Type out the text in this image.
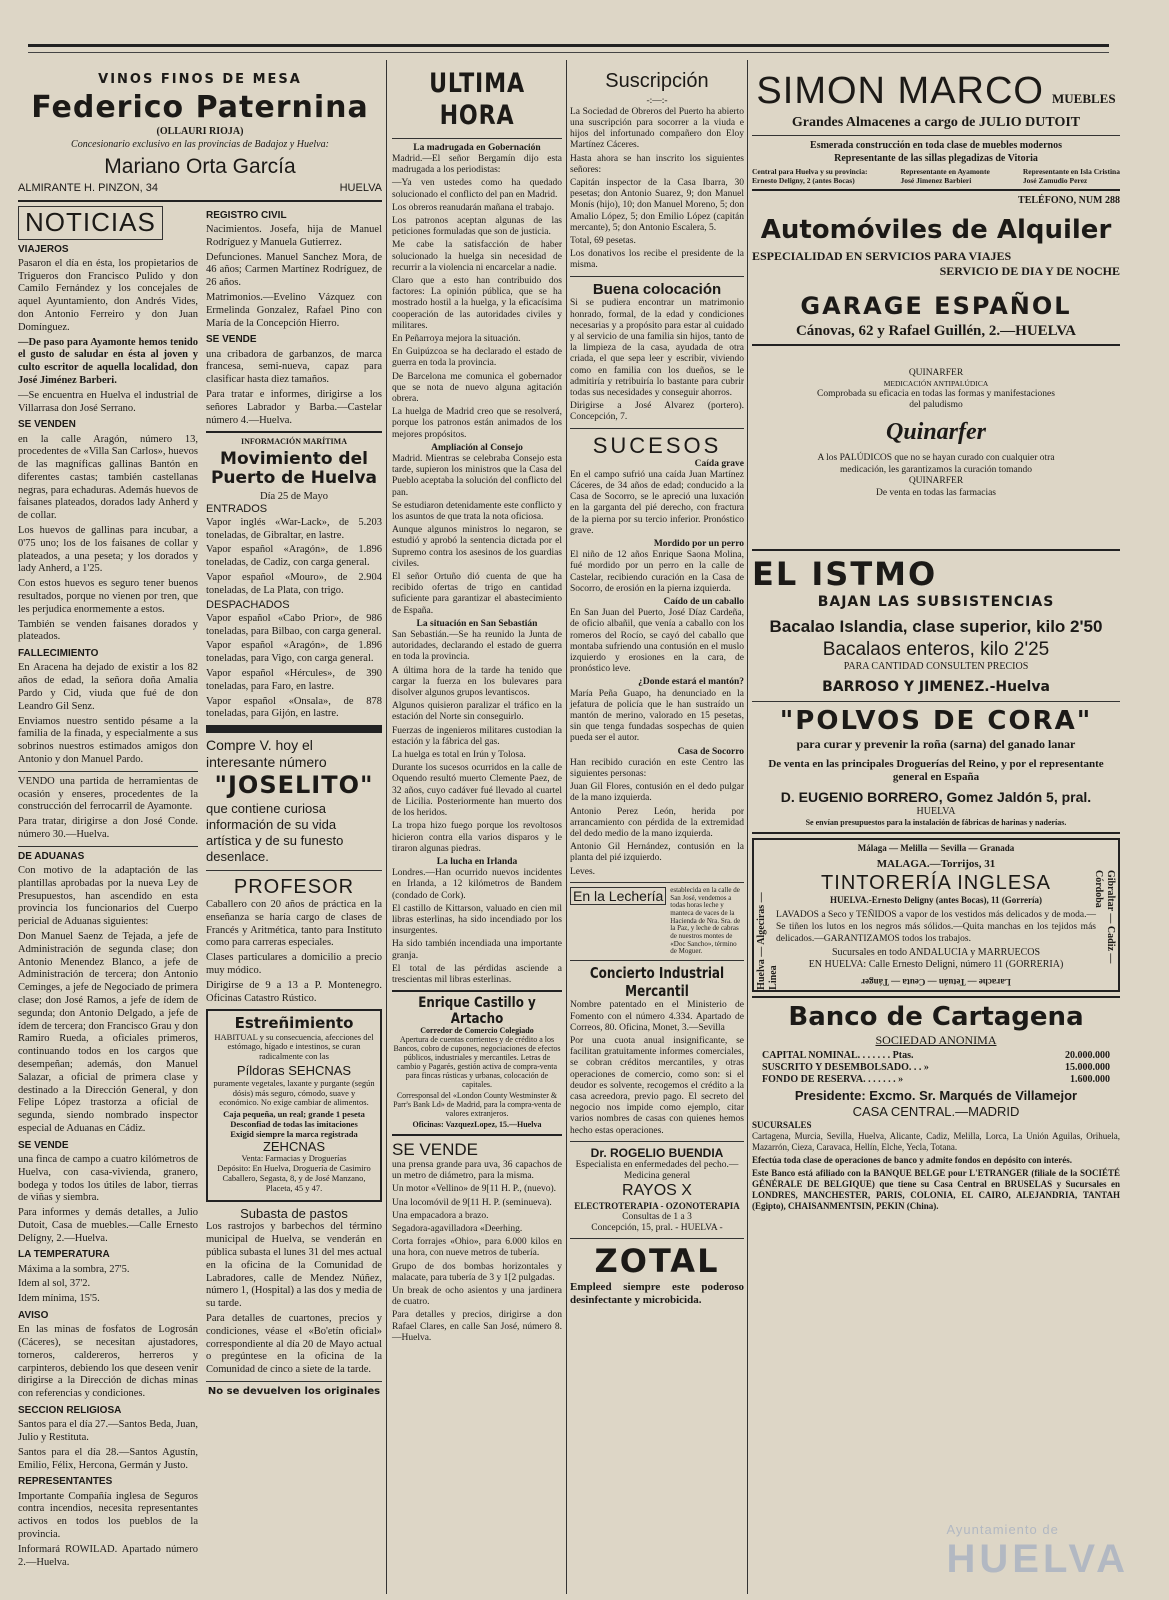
VINOS FINOS DE MESA
Federico Paternina
(OLLAURI RIOJA)
Concesionario exclusivo en las provincias de Badajoz y Huelva:
Mariano Orta García
ALMIRANTE H. PINZON, 34	HUELVA
NOTICIAS
VIAJEROS

Pasaron el día en ésta, los propietarios de Trigueros don Francisco Pulido y don Camilo Fernández y los concejales de aquel Ayuntamiento, don Andrés Vides, don Antonio Ferreiro y don Juan Domínguez.

—De paso para Ayamonte hemos tenido el gusto de saludar en ésta al joven y culto escritor de aquella localidad, don José Jiménez Barberi.

—Se encuentra en Huelva el industrial de Villarrasa don José Serrano.

SE VENDEN

en la calle Aragón, número 13, procedentes de «Villa San Carlos», huevos de las magníficas gallinas Bantón en diferentes castas; también castellanas negras, para echaduras. Además huevos de faisanes plateados, dorados lady Anherd y de collar.

Los huevos de gallinas para incubar, a 0'75 uno; los de los faisanes de collar y plateados, a una peseta; y los dorados y lady Anherd, a 1'25.

Con estos huevos es seguro tener buenos resultados, porque no vienen por tren, que les perjudica enormemente a estos.

También se venden faisanes dorados y plateados.

FALLECIMIENTO

En Aracena ha dejado de existir a los 82 años de edad, la señora doña Amalia Pardo y Cid, viuda que fué de don Leandro Gil Senz.

Enviamos nuestro sentido pésame a la familia de la finada, y especialmente a sus sobrinos nuestros estimados amigos don Antonio y don Manuel Pardo.

VENDO una partida de herramientas de ocasión y enseres, procedentes de la construcción del ferrocarril de Ayamonte.

Para tratar, dirigirse a don José Conde. número 30.—Huelva.

DE ADUANAS

Con motivo de la adaptación de las plantillas aprobadas por la nueva Ley de Presupuestos, han ascendido en esta provincia los funcionarios del Cuerpo pericial de Aduanas siguientes:

Don Manuel Saenz de Tejada, a jefe de Administración de segunda clase; don Antonio Menendez Blanco, a jefe de Administración de tercera; don Antonio Ceminges, a jefe de Negociado de primera clase; don José Ramos, a jefe de ídem de segunda; don Antonio Delgado, a jefe de ídem de tercera; don Francisco Grau y don Ramiro Rueda, a oficiales primeros, continuando todos en los cargos que desempeñan; además, don Manuel Salazar, a oficial de primera clase y destinado a la Dirección General, y don Felipe López trastorza a oficial de segunda, siendo nombrado inspector especial de Aduanas en Cádiz.

SE VENDE

una finca de campo a cuatro kilómetros de Huelva, con casa-vivienda, granero, bodega y todos los útiles de labor, tierras de viñas y siembra.

Para informes y demás detalles, a Julio Dutoit, Casa de muebles.—Calle Ernesto Delígny, 2.—Huelva.

LA TEMPERATURA

Máxima a la sombra, 27'5.

Idem al sol, 37'2.

Idem mínima, 15'5.

AVISO

En las minas de fosfatos de Logrosán (Cáceres), se necesitan ajustadores, torneros, caldereros, herreros y carpinteros, debiendo los que deseen venir dirigirse a la Dirección de dichas minas con referencias y condiciones.

SECCION RELIGIOSA

Santos para el día 27.—Santos Beda, Juan, Julio y Restituta.

Santos para el día 28.—Santos Agustín, Emilio, Félix, Hercona, Germán y Justo.

REPRESENTANTES

Importante Compañía inglesa de Seguros contra incendios, necesita representantes activos en todos los pueblos de la provincia.

Informará ROWILAD. Apartado número 2.—Huelva.

REGISTRO CIVIL

Nacimientos. Josefa, hija de Manuel Rodríguez y Manuela Gutierrez.

Defunciones. Manuel Sanchez Mora, de 46 años; Carmen Martínez Rodríguez, de 26 años.

Matrimonios.—Evelino Vázquez con Ermelinda Gonzalez, Rafael Pino con María de la Concepción Hierro.

SE VENDE

una cribadora de garbanzos, de marca francesa, semi-nueva, capaz para clasificar hasta diez tamaños.

Para tratar e informes, dirigirse a los señores Labrador y Barba.—Castelar número 4.—Huelva.

INFORMACIÓN MARÍTIMA
Movimiento del Puerto de Huelva
Día 25 de Mayo
ENTRADOS

Vapor inglés «War-Lack», de 5.203 toneladas, de Gibraltar, en lastre.

Vapor español «Aragón», de 1.896 toneladas, de Cadiz, con carga general.

Vapor español «Mouro», de 2.904 toneladas, de La Plata, con trigo.

DESPACHADOS

Vapor español «Cabo Prior», de 986 toneladas, para Bilbao, con carga general.

Vapor español «Aragón», de 1.896 toneladas, para Vigo, con carga general.

Vapor español «Hércules», de 390 toneladas, para Faro, en lastre.

Vapor español «Onsala», de 878 toneladas, para Gijón, en lastre.

Compre V. hoy el interesante número
"JOSELITO"
que contiene curiosa información de su vida artística y de su funesto desenlace.
PROFESOR

Caballero con 20 años de práctica en la enseñanza se haría cargo de clases de Francés y Aritmética, tanto para Instituto como para carreras especiales.

Clases particulares a domicilio a precio muy módico.

Dirigirse de 9 a 13 a P. Montenegro. Oficinas Catastro Rústico.

Estreñimiento

HABITUAL y su consecuencia, afecciones del estómago, hígado e intestinos, se curan radicalmente con las

Píldoras SEHCNAS

puramente vegetales, laxante y purgante (según dósis) más seguro, cómodo, suave y económico. No exige cambiar de alimentos.

Caja pequeña, un real; grande 1 peseta
Desconfiad de todas las imitaciones
Exigid siempre la marca registrada
ZEHCNAS
Venta: Farmacias y Droguerías

Depósito: En Huelva, Droguería de Casimiro Caballero, Segasta, 8, y de José Manzano, Placeta, 45 y 47.

Subasta de pastos

Los rastrojos y barbechos del término municipal de Huelva, se venderán en pública subasta el lunes 31 del mes actual en la oficina de la Comunidad de Labradores, calle de Mendez Núñez, número 1, (Hospital) a las dos y media de su tarde.

Para detalles de cuartones, precios y condiciones, véase el «Bo'etín oficial» correspondiente al día 20 de Mayo actual o pregúntese en la oficina de la Comunidad de cinco a siete de la tarde.

No se devuelven los originales
ULTIMA HORA
La madrugada en Gobernación

Madrid.—El señor Bergamín dijo esta madrugada a los periodistas:

—Ya ven ustedes como ha quedado solucionado el conflicto del pan en Madrid.

Los obreros reanudarán mañana el trabajo.

Los patronos aceptan algunas de las peticiones formuladas que son de justicia.

Me cabe la satisfacción de haber solucionado la huelga sin necesidad de recurrir a la violencia ni encarcelar a nadie.

Claro que a esto han contribuido dos factores: La opinión pública, que se ha mostrado hostil a la huelga, y la eficacísima cooperación de las autoridades civiles y militares.

En Peñarroya mejora la situación.

En Guipúzcoa se ha declarado el estado de guerra en toda la provincia.

De Barcelona me comunica el gobernador que se nota de nuevo alguna agitación obrera.

La huelga de Madrid creo que se resolverá, porque los patronos están animados de los mejores propósitos.

Ampliación al Consejo

Madrid. Mientras se celebraba Consejo esta tarde, supieron los ministros que la Casa del Pueblo aceptaba la solución del conflicto del pan.

Se estudiaron detenidamente este conflicto y los asuntos de que trata la nota oficiosa.

Aunque algunos ministros lo negaron, se estudió y aprobó la sentencia dictada por el Supremo contra los asesinos de los guardias civiles.

El señor Ortuño dió cuenta de que ha recibido ofertas de trigo en cantidad suficiente para garantizar el abastecimiento de España.

La situación en San Sebastián

San Sebastián.—Se ha reunido la Junta de autoridades, declarando el estado de guerra en toda la provincia.

A última hora de la tarde ha tenido que cargar la fuerza en los bulevares para disolver algunos grupos levantiscos.

Algunos quisieron paralizar el tráfico en la estación del Norte sin conseguirlo.

Fuerzas de ingenieros militares custodian la estación y la fábrica del gas.

La huelga es total en Irún y Tolosa.

Durante los sucesos ocurridos en la calle de Oquendo resultó muerto Clemente Paez, de 32 años, cuyo cadáver fué llevado al cuartel de Licilia. Posteriormente han muerto dos de los heridos.

La tropa hizo fuego porque los revoltosos hicieron contra ella varios disparos y le tiraron algunas piedras.

La lucha en Irlanda

Londres.—Han ocurrido nuevos incidentes en Irlanda, a 12 kilómetros de Bandem (condado de Cork).

El castillo de Kittarson, valuado en cien mil libras esterlinas, ha sido incendiado por los insurgentes.

Ha sido también incendiada una importante granja.

El total de las pérdidas asciende a trescientas mil libras esterlinas.

Enrique Castillo y Artacho
Corredor de Comercio Colegiado

Apertura de cuentas corrientes y de crédito a los Bancos, cobro de cupones, negociaciones de efectos públicos, industriales y mercantiles. Letras de cambio y Pagarés, gestión activa de compra-venta para fincas rústicas y urbanas, colocación de capitales.

Corresponsal del «London County Westminster & Parr's Bank Ld» de Madrid, para la compra-venta de valores extranjeros.

Oficinas: VazquezLopez, 15.—Huelva
SE VENDE

una prensa grande para uva, 36 capachos de un metro de diámetro, para la misma.

Un motor «Vellino» de 9[11 H. P., (nuevo).

Una locomóvil de 9[11 H. P. (seminueva).

Una empacadora a brazo.

Segadora-agavilladora «Deerhing.

Corta forrajes «Ohio», para 6.000 kilos en una hora, con nueve metros de tubería.

Grupo de dos bombas horizontales y malacate, para tubería de 3 y 1[2 pulgadas.

Un break de ocho asientos y una jardinera de cuatro.

Para detalles y precios, dirigirse a don Rafael Clares, en calle San José, número 8.—Huelva.

Suscripción
-:—:-

La Sociedad de Obreros del Puerto ha abierto una suscripción para socorrer a la viuda e hijos del infortunado compañero don Eloy Martínez Cáceres.

Hasta ahora se han inscrito los siguientes señores:

Capitán inspector de la Casa Ibarra, 30 pesetas; don Antonio Suarez, 9; don Manuel Monís (hijo), 10; don Manuel Moreno, 5; don Amalio López, 5; don Emilio López (capitán mercante), 5; don Antonio Escalera, 5.

Total, 69 pesetas.

Los donativos los recibe el presidente de la misma.

Buena colocación

Si se pudiera encontrar un matrimonio honrado, formal, de la edad y condiciones necesarias y a propósito para estar al cuidado y al servicio de una familia sin hijos, tanto de la limpieza de la casa, ayudada de otra criada, el que sepa leer y escribir, viviendo como en familia con los dueños, se le admitiría y retribuiría lo bastante para cubrir todas sus necesidades y conseguir ahorros.

Dirigirse a José Alvarez (portero). Concepción, 7.

SUCESOS
Caída grave

En el campo sufrió una caída Juan Martínez Cáceres, de 34 años de edad; conducido a la Casa de Socorro, se le apreció una luxación en la garganta del pié derecho, con fractura de la pierna por su tercio inferior. Pronóstico grave.

Mordido por un perro

El niño de 12 años Enrique Saona Molina, fué mordido por un perro en la calle de Castelar, recibiendo curación en la Casa de Socorro, de erosión en la pierna izquierda.

Caído de un caballo

En San Juan del Puerto, José Díaz Cardeña, de oficio albañil, que venía a caballo con los romeros del Rocío, se cayó del caballo que montaba sufriendo una contusión en el muslo izquierdo y erosiones en la cara, de pronóstico leve.

¿Donde estará el mantón?

María Peña Guapo, ha denunciado en la jefatura de policía que le han sustraído un mantón de merino, valorado en 15 pesetas, sin que tenga fundadas sospechas de quien pueda ser el autor.

Casa de Socorro

Han recibido curación en este Centro las siguientes personas:

Juan Gil Flores, contusión en el dedo pulgar de la mano izquierda.

Antonio Perez León, herida por arrancamiento con pérdida de la extremidad del dedo medio de la mano izquierda.

Antonio Gil Hernández, contusión en la planta del pié izquierdo.

Leves.

En la Lechería	establecida en la calle de San José, vendemos a todas horas leche y manteca de vaces de la Hacienda de Nra. Sra. de la Paz, y leche de cabras de nuestros montes de «Doc Sancho», término de Moguer.
Concierto Industrial Mercantil

Nombre patentado en el Ministerio de Fomento con el número 4.334. Apartado de Correos, 80. Oficina, Monet, 3.—Sevilla

Por una cuota anual insignificante, se facilitan gratuitamente informes comerciales, se cobran créditos mercantiles, y otras operaciones de comercio, como son: si el deudor es solvente, recogemos el crédito a la casa acreedora, previo pago. El secreto del negocio nos impide como ejemplo, citar varios nombres de casas con quienes hemos hecho estas operaciones.

Dr. ROGELIO BUENDIA
Especialista en enfermedades del pecho.—Medicina general
RAYOS X
ELECTROTERAPIA - OZONOTERAPIA
Consultas de 1 a 3
Concepción, 15, pral. - HUELVA -
ZOTAL

Empleed siempre este poderoso desinfectante y microbicida.

SIMON MARCO MUEBLES
Grandes Almacenes a cargo de JULIO DUTOIT
Esmerada construcción en toda clase de muebles modernos
Representante de las sillas plegadizas de Vitoria
Central para Huelva y su provincia:
Ernesto Deligny, 2 (antes Bocas)
Representante en Ayamonte
José Jimenez Barbieri
Representante en Isla Cristina
José Zamudio Perez
TELÉFONO, NUM 288
Automóviles de Alquiler
ESPECIALIDAD EN SERVICIOS PARA VIAJES
SERVICIO DE DIA Y DE NOCHE
GARAGE ESPAÑOL
Cánovas, 62 y Rafael Guillén, 2.—HUELVA
QUINARFER
MEDICACIÓN ANTIPALÚDICA
Comprobada su eficacia en todas las formas y manifestaciones del paludismo
Quinarfer
A los PALÚDICOS que no se hayan curado con cualquier otra medicación, les garantizamos la curación tomando
QUINARFER
De venta en todas las farmacias
EL ISTMO
BAJAN LAS SUBSISTENCIAS
Bacalao Islandia, clase superior, kilo 2'50
Bacalaos enteros, kilo 2'25
PARA CANTIDAD CONSULTEN PRECIOS
BARROSO Y JIMENEZ.-Huelva
"POLVOS DE CORA"
para curar y prevenir la roña (sarna) del ganado lanar
De venta en las principales Droguerías del Reino, y por el representante general en España
D. EUGENIO BORRERO, Gomez Jaldón 5, pral.
HUELVA
Se envían presupuestos para la instalación de fábricas de harinas y naderías.
Huelva — Algeciras — Linea
Gibraltar — Cadiz — Córdoba
Málaga — Melilla — Sevilla — Granada
MALAGA.—Torrijos, 31
TINTORERÍA INGLESA
HUELVA.-Ernesto Deligny (antes Bocas), 11 (Gorrería)

LAVADOS a Seco y TEÑIDOS a vapor de los vestidos más delicados y de moda.—Se tiñen los lutos en los negros más sólidos.—Quita manchas en los tejidos más delicados.—GARANTIZAMOS todos los trabajos.

Sucursales en todo ANDALUCIA y MARRUECOS
EN HUELVA: Calle Ernesto Deligni, número 11 (GORRERIA)
Larache — Tetuán — Ceuta — Tánger
Banco de Cartagena
SOCIEDAD ANONIMA
CAPITAL NOMINAL. . . . . . . Ptas.	20.000.000
SUSCRITO Y DESEMBOLSADO. . . »	15.000.000
FONDO DE RESERVA. . . . . . . »	1.600.000
Presidente: Excmo. Sr. Marqués de Villamejor
CASA CENTRAL.—MADRID
SUCURSALES

Cartagena, Murcia, Sevilla, Huelva, Alicante, Cadiz, Melilla, Lorca, La Unión Aguilas, Orihuela, Mazarrón, Cieza, Caravaca, Hellín, Elche, Yecla, Totana.

Efectúa toda clase de operaciones de banco y admite fondos en depósito con interés.

Este Banco está afiliado con la BANQUE BELGE pour L'ETRANGER (filiale de la SOCIÉTÉ GÉNÉRALE DE BELGIQUE) que tiene su Casa Central en BRUSELAS y Sucursales en LONDRES, MANCHESTER, PARIS, COLONIA, EL CAIRO, ALEJANDRIA, TANTAH (Egipto), CHAISANMENTSIN, PEKIN (China).

Ayuntamiento de
HUELVA
